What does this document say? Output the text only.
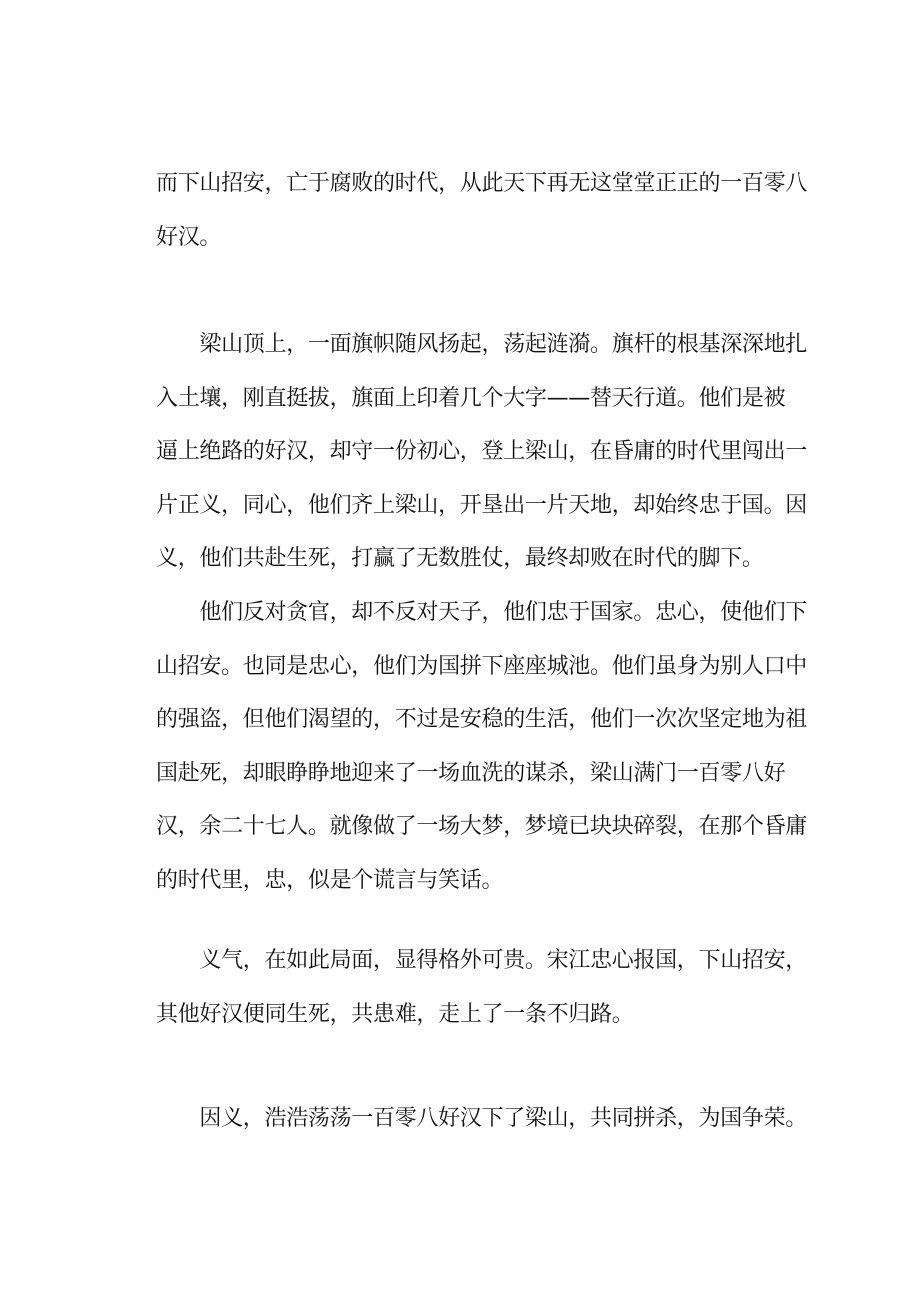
而下山招安，亡于腐败的时代，从此天下再无这堂堂正正的一百零八
好汉。
　　梁山顶上，一面旗帜随风扬起，荡起涟漪。旗杆的根基深深地扎
入土壤，刚直挺拔，旗面上印着几个大字——替天行道。他们是被
逼上绝路的好汉，却守一份初心，登上梁山，在昏庸的时代里闯出一
片正义，同心，他们齐上梁山，开垦出一片天地，却始终忠于国。因
义，他们共赴生死，打赢了无数胜仗，最终却败在时代的脚下。
　　他们反对贪官，却不反对天子，他们忠于国家。忠心，使他们下
山招安。也同是忠心，他们为国拼下座座城池。他们虽身为别人口中
的强盗，但他们渴望的，不过是安稳的生活，他们一次次坚定地为祖
国赴死，却眼睁睁地迎来了一场血洗的谋杀，梁山满门一百零八好
汉，余二十七人。就像做了一场大梦，梦境已块块碎裂，在那个昏庸
的时代里，忠，似是个谎言与笑话。
　　义气，在如此局面，显得格外可贵。宋江忠心报国，下山招安，
其他好汉便同生死，共患难，走上了一条不归路。
　　因义，浩浩荡荡一百零八好汉下了梁山，共同拼杀，为国争荣。
